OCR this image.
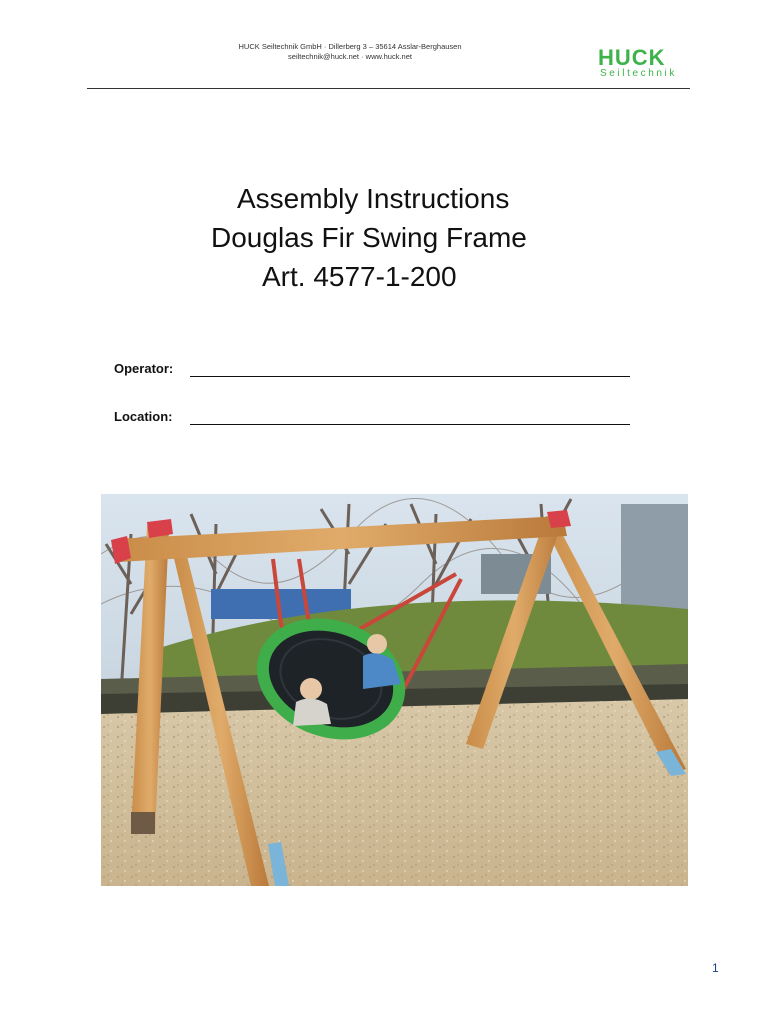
HUCK Seiltechnik GmbH · Dillerberg 3 – 35614 Asslar-Berghausen
seiltechnik@huck.net · www.huck.net	HUCK
Seiltechnik
Assembly Instructions
Douglas Fir Swing Frame
Art. 4577-1-200
Operator:
Location:
1
